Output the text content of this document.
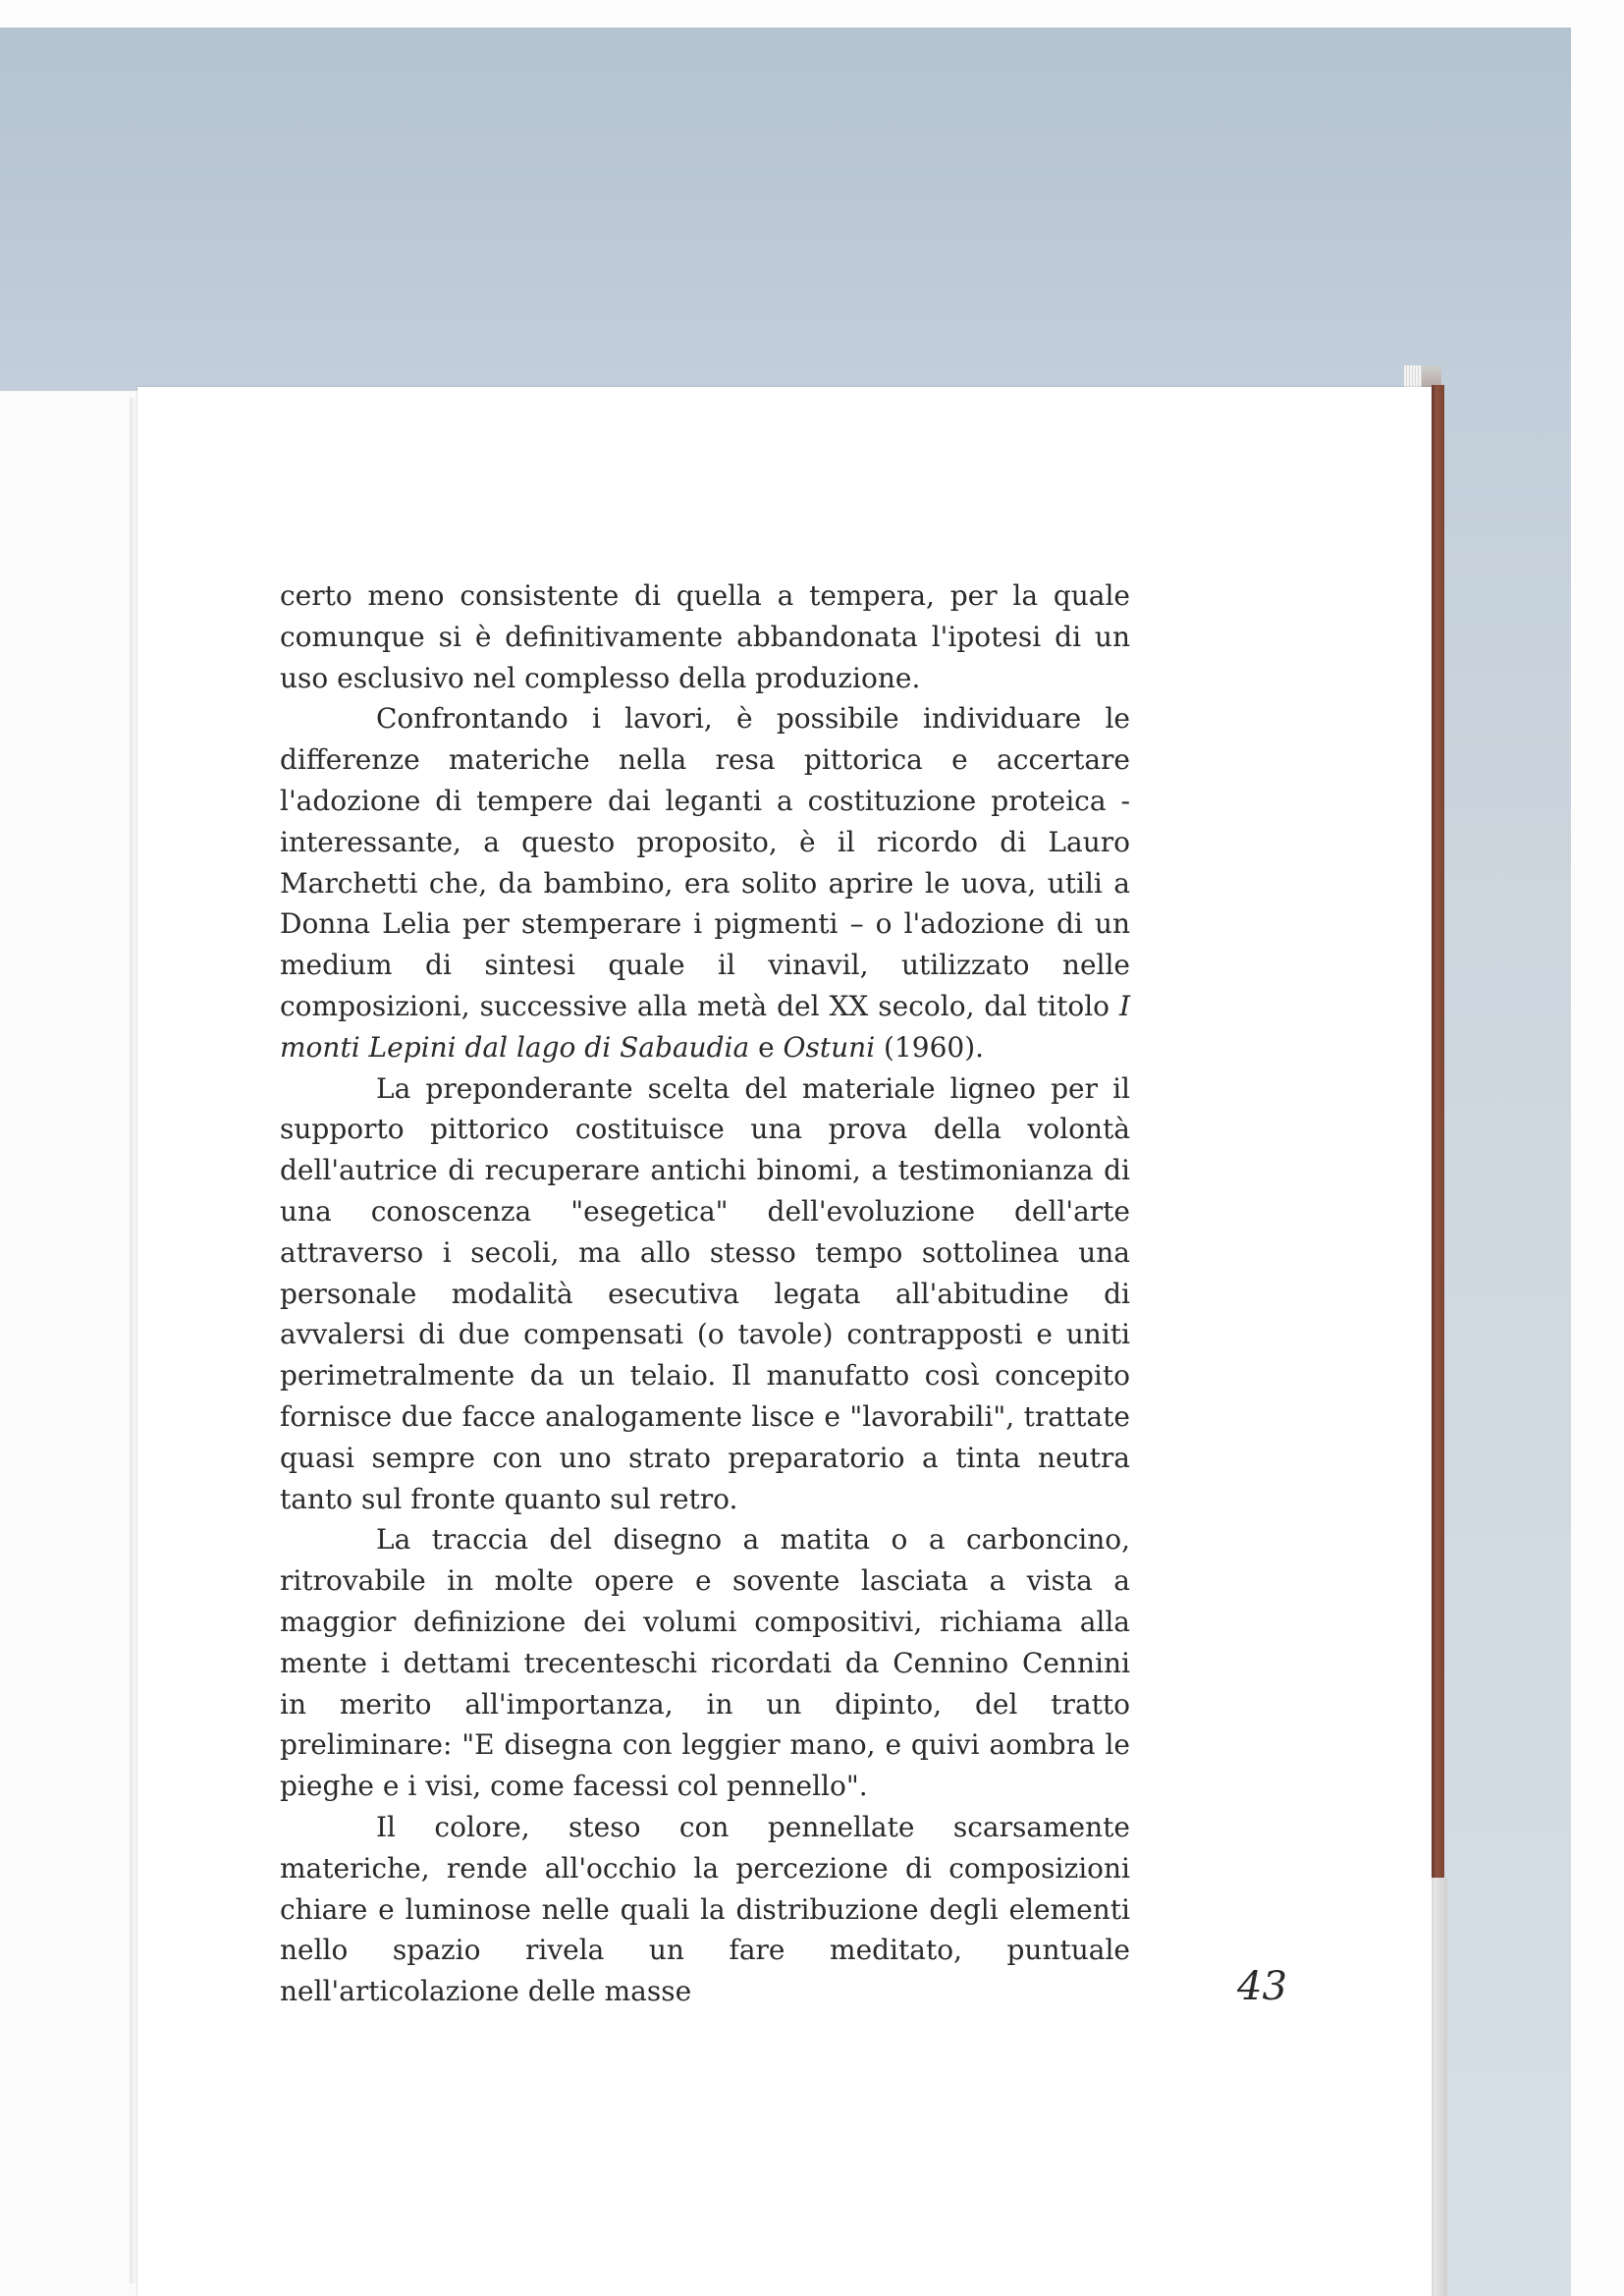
certo meno consistente di quella a tempera, per la quale comunque si è definitivamente abbandonata l'ipotesi di un uso esclusivo nel complesso della produzione.

Confrontando i lavori, è possibile individuare le differenze materiche nella resa pittorica e accertare l'adozione di tempere dai leganti a costituzione proteica - interessante, a questo proposito, è il ricordo di Lauro Marchetti che, da bambino, era solito aprire le uova, utili a Donna Lelia per stemperare i pigmenti – o l'adozione di un medium di sintesi quale il vinavil, utilizzato nelle composizioni, successive alla metà del XX secolo, dal titolo I monti Lepini dal lago di Sabaudia e Ostuni (1960).

La preponderante scelta del materiale ligneo per il supporto pittorico costituisce una prova della volontà dell'autrice di recuperare antichi binomi, a testimonianza di una conoscenza "esegetica" dell'evoluzione dell'arte attraverso i secoli, ma allo stesso tempo sottolinea una personale modalità esecutiva legata all'abitudine di avvalersi di due compensati (o tavole) contrapposti e uniti perimetralmente da un telaio. Il manufatto così concepito fornisce due facce analogamente lisce e "lavorabili", trattate quasi sempre con uno strato preparatorio a tinta neutra tanto sul fronte quanto sul retro.

La traccia del disegno a matita o a carboncino, ritrovabile in molte opere e sovente lasciata a vista a maggior definizione dei volumi compositivi, richiama alla mente i dettami trecenteschi ricordati da Cennino Cennini in merito all'importanza, in un dipinto, del tratto preliminare: "E disegna con leggier mano, e quivi aombra le pieghe e i visi, come facessi col pennello".

Il colore, steso con pennellate scarsamente materiche, rende all'occhio la percezione di composizioni chiare e luminose nelle quali la distribuzione degli elementi nello spazio rivela un fare meditato, puntuale nell'articolazione delle masse	43
